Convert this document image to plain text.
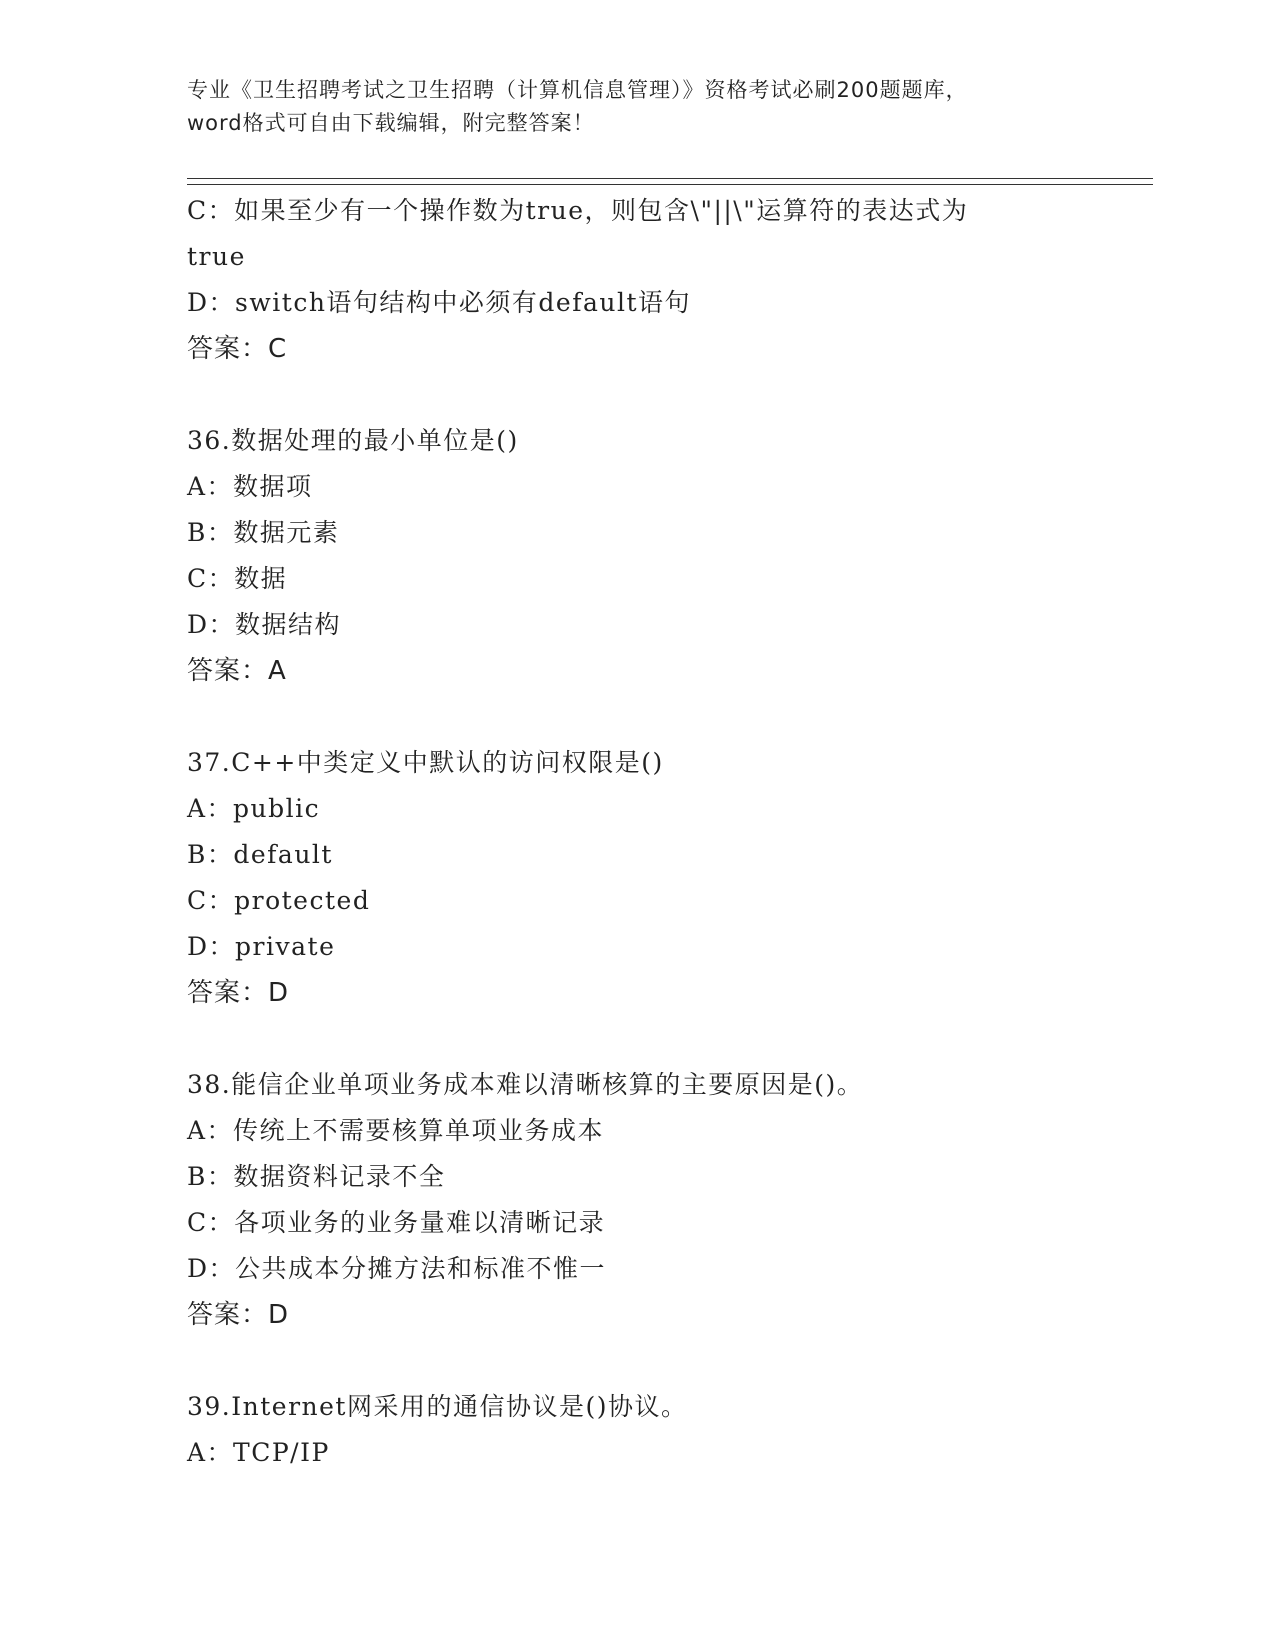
专业《卫生招聘考试之卫生招聘（计算机信息管理）》资格考试必刷200题题库，
word格式可自由下载编辑，附完整答案！
C：如果至少有一个操作数为true，则包含\"||\"运算符的表达式为
true
D：switch语句结构中必须有default语句
答案：C
36.数据处理的最小单位是()
A：数据项
B：数据元素
C：数据
D：数据结构
答案：A
37.C++中类定义中默认的访问权限是()
A：public
B：default
C：protected
D：private
答案：D
38.能信企业单项业务成本难以清晰核算的主要原因是()。
A：传统上不需要核算单项业务成本
B：数据资料记录不全
C：各项业务的业务量难以清晰记录
D：公共成本分摊方法和标准不惟一
答案：D
39.Internet网采用的通信协议是()协议。
A：TCP/IP
